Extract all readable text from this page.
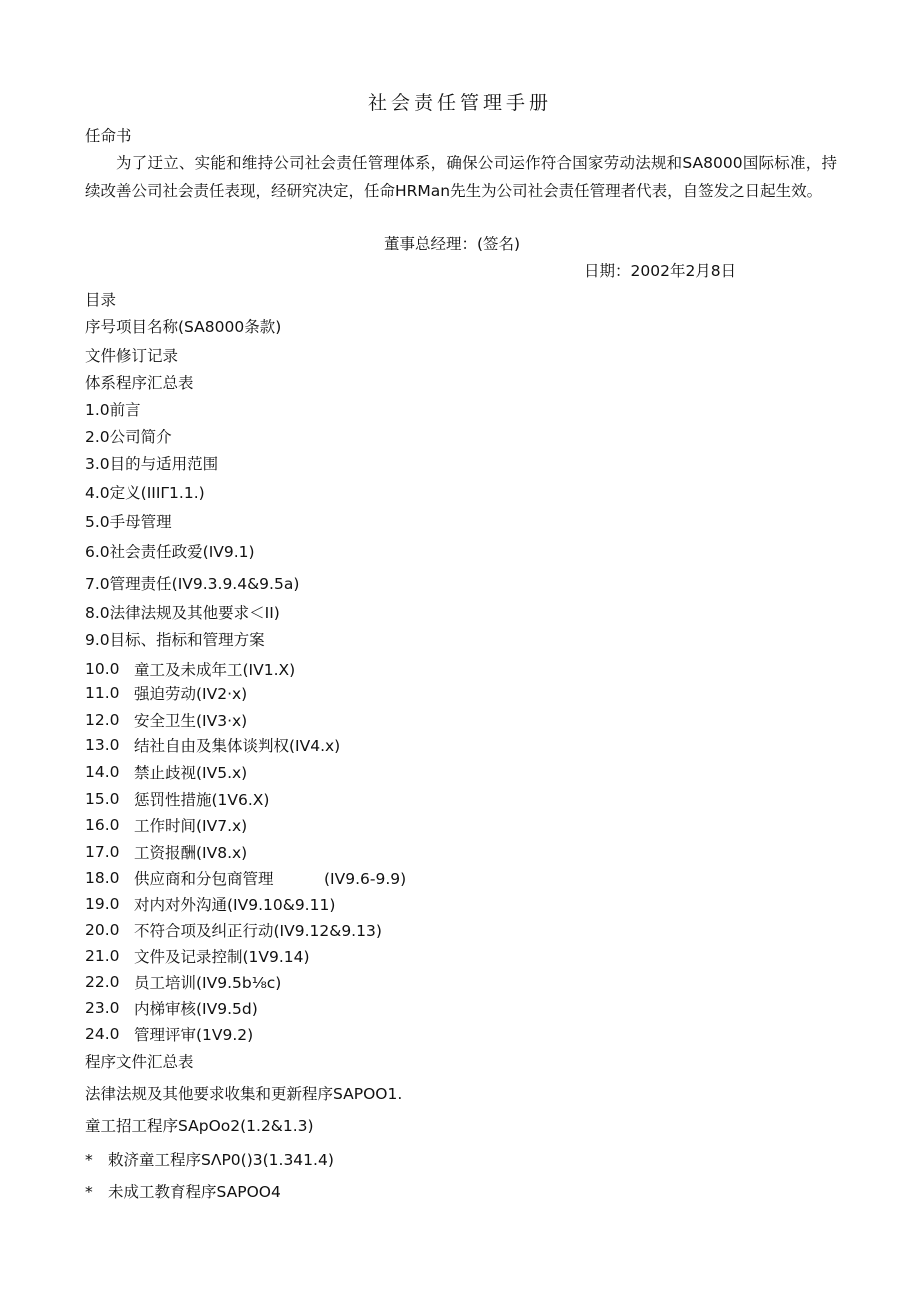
社会责任管理手册
任命书
为了迂立、实能和维持公司社会责任管理体系，确保公司运作符合国家劳动法规和SA8000国际标准，持续改善公司社会责任表现，经研究决定，任命HRMan先生为公司社会责任管理者代表，自签发之日起生效。
董事总经理：(签名)
日期：2002年2月8日
目录
序号项目名称(SA8000条款)
文件修订记录
体系程序汇总表
1.0前言
2.0公司简介
3.0目的与适用范围
4.0定义(IIIΓ1.1.)
5.0手母管理
6.0社会责任政爱(IV9.1)
7.0管理责任(IV9.3.9.4&9.5a)
8.0法律法规及其他要求＜II)
9.0目标、指标和管理方案
10.0 童工及未成年工(IV1.X)
11.0 强迫劳动(IV2·x)
12.0 安全卫生(IV3·x)
13.0 结社自由及集体谈判权(IV4.x)
14.0 禁止歧视(IV5.x)
15.0 惩罚性措施(1V6.X)
16.0 工作时间(IV7.x)
17.0 工资报酬(IV8.x)
18.0 供应商和分包商管理	(IV9.6-9.9)
19.0 对内对外沟通(IV9.10&9.11)
20.0 不符合项及纠正行动(IV9.12&9.13)
21.0 文件及记录控制(1V9.14)
22.0 员工培训(IV9.5b⅛c)
23.0 内梯审核(IV9.5d)
24.0 管理评审(1V9.2)
程序文件汇总表
法律法规及其他要求收集和更新程序SAPOO1.
童工招工程序SApOo2(1.2&1.3)
* 敕济童工程序SΛP0()3(1.341.4)
* 未成工教育程序SAPOO4
